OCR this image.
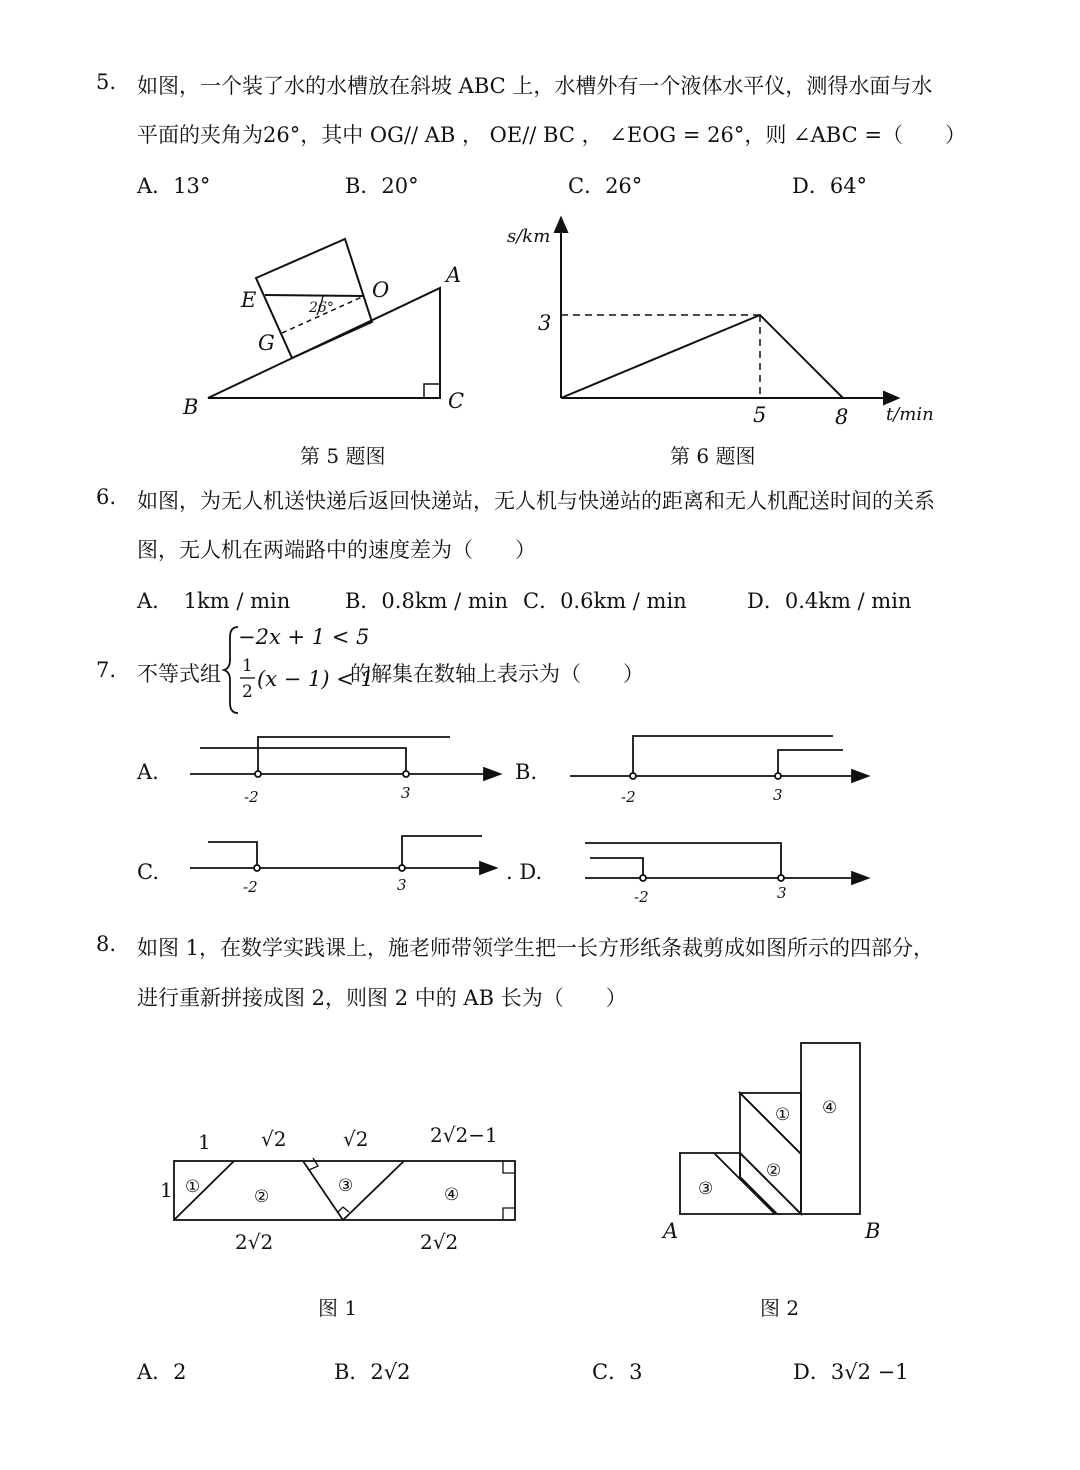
5. 如图，一个装了水的水槽放在斜坡 ABC 上，水槽外有一个液体水平仪，测得水面与水
平面的夹角为26°，其中 OG// AB ， OE// BC ， ∠EOG = 26°，则 ∠ABC =（　　）
A．13°	B．20°	C．26°	D．64°
E	O
A
G
B	C
26°
第 5 题图
s/km
t/min
3
5	8
第 6 题图
6. 如图，为无人机送快递后返回快递站，无人机与快递站的距离和无人机配送时间的关系
图，无人机在两端路中的速度差为（　　）
A．　1km / min	B．0.8km / min C．0.6km / min	D．0.4km / min
7. 不等式组
−2x + 1 < 5
1
2
(x − 1) < 1
的解集在数轴上表示为（　　）
A.	B.
C.	. D.
-2	3	-2	3
-2	3
-2	3
8. 如图 1，在数学实践课上，施老师带领学生把一长方形纸条裁剪成如图所示的四部分，
进行重新拼接成图 2，则图 2 中的 AB 长为（　　）
1	√2	√2	2√2−1
1
2√2	2√2
①	②
③	④
图 1
① ④
②
③
A	B
图 2
A．2	B．2√2	C．3	D．3√2 −1
